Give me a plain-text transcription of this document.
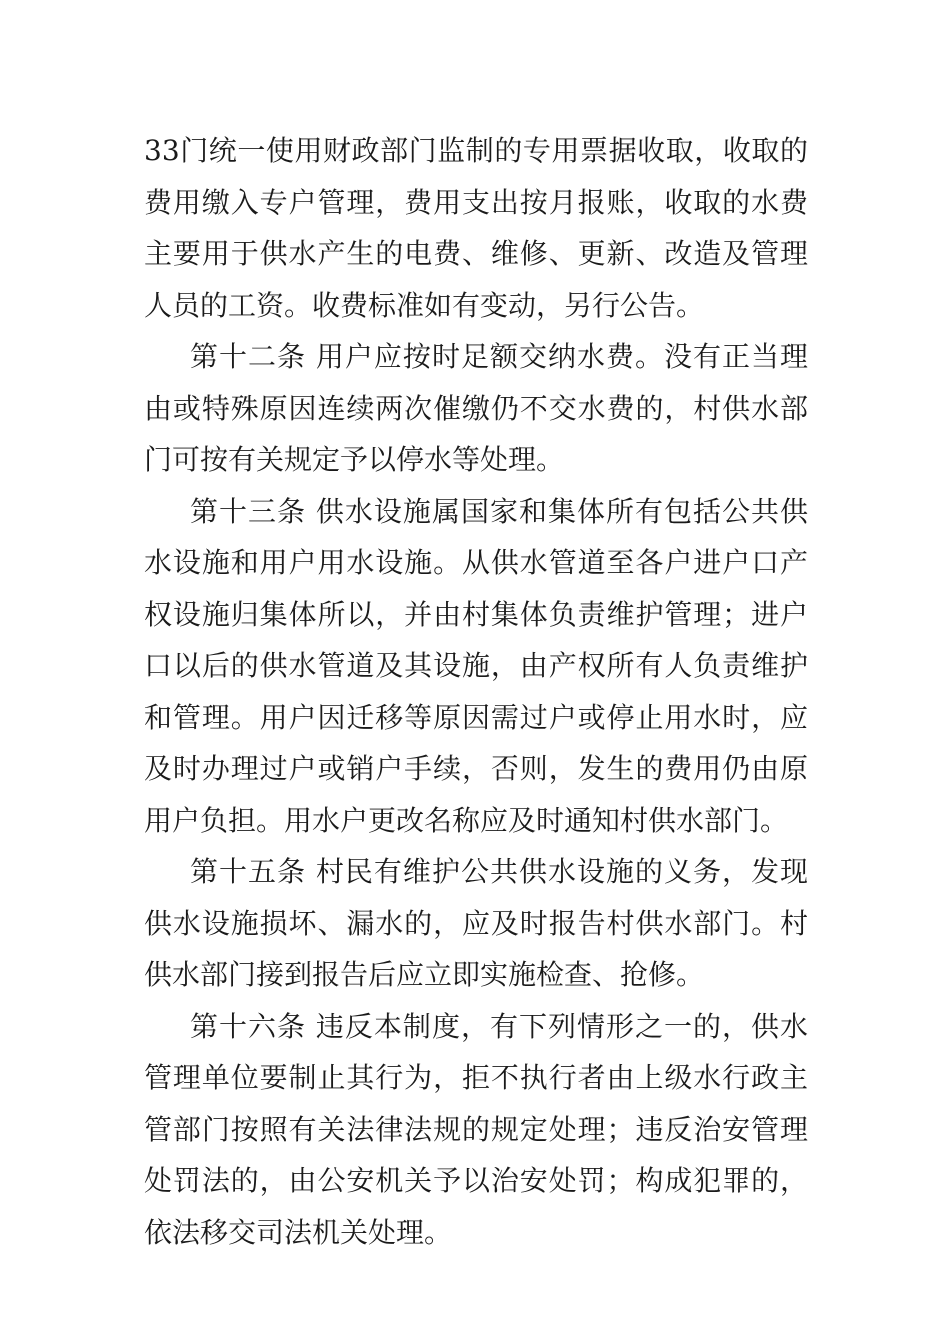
33门统一使用财政部门监制的专用票据收取，收取的费用缴入专户管理，费用支出按月报账，收取的水费主要用于供水产生的电费、维修、更新、改造及管理人员的工资。收费标准如有变动，另行公告。

第十二条 用户应按时足额交纳水费。没有正当理由或特殊原因连续两次催缴仍不交水费的，村供水部门可按有关规定予以停水等处理。

第十三条 供水设施属国家和集体所有包括公共供水设施和用户用水设施。从供水管道至各户进户口产权设施归集体所以，并由村集体负责维护管理；进户口以后的供水管道及其设施，由产权所有人负责维护和管理。用户因迁移等原因需过户或停止用水时，应及时办理过户或销户手续，否则，发生的费用仍由原用户负担。用水户更改名称应及时通知村供水部门。

第十五条 村民有维护公共供水设施的义务，发现供水设施损坏、漏水的，应及时报告村供水部门。村供水部门接到报告后应立即实施检查、抢修。

第十六条 违反本制度，有下列情形之一的，供水管理单位要制止其行为，拒不执行者由上级水行政主管部门按照有关法律法规的规定处理；违反治安管理处罚法的，由公安机关予以治安处罚；构成犯罪的，依法移交司法机关处理。
